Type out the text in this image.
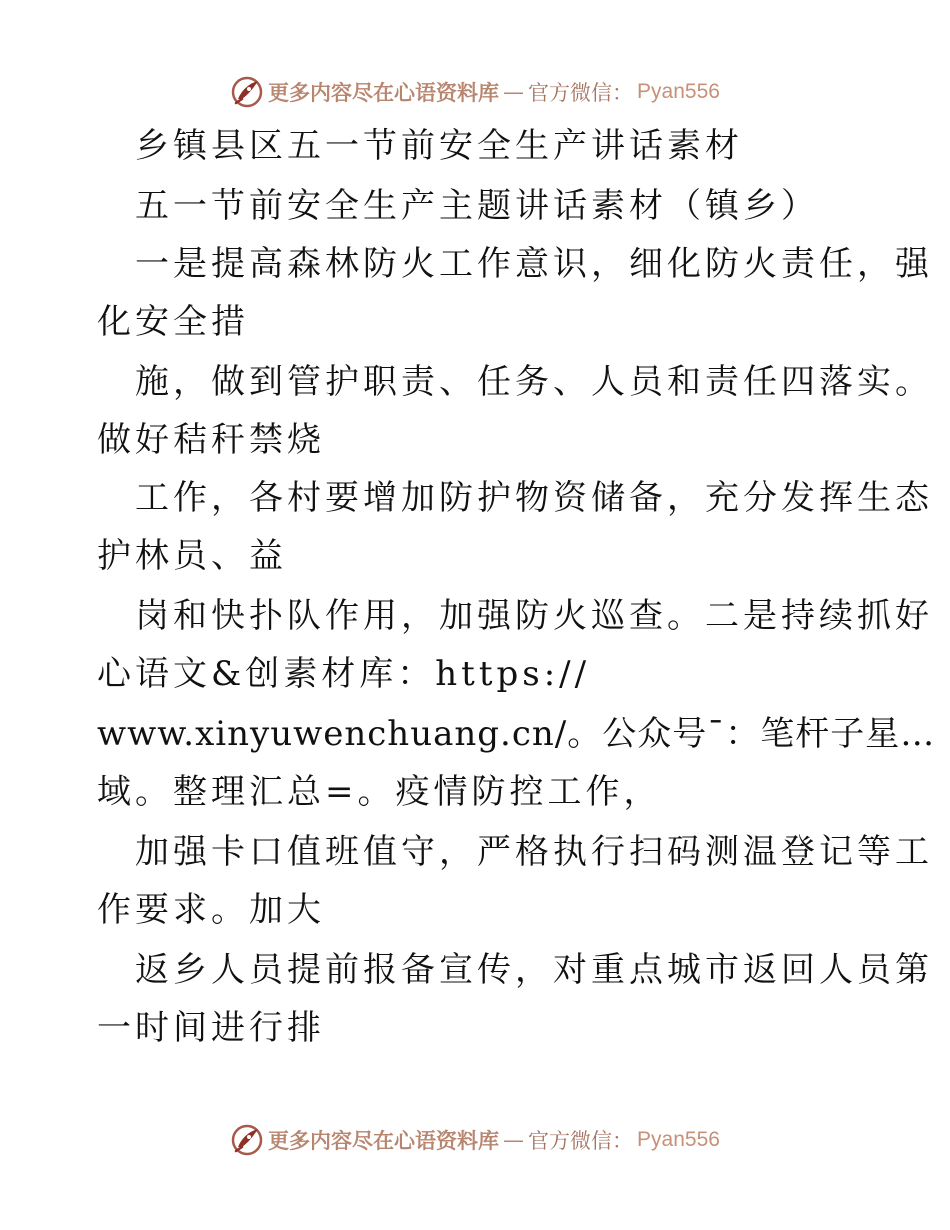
更多内容尽在心语资料库 — 官方微信： Pyan556
乡镇县区五一节前安全生产讲话素材
五一节前安全生产主题讲话素材（镇乡）
一是提高森林防火工作意识，细化防火责任，强
化安全措
施，做到管护职责、任务、人员和责任四落实。
做好秸秆禁烧
工作，各村要增加防护物资储备，充分发挥生态
护林员、益
岗和快扑队作用，加强防火巡查。二是持续抓好
心语文&创素材库：https://
www.xinyuwenchuang.cn/。公众号¯：笔杆子星…
域。整理汇总=。疫情防控工作，
加强卡口值班值守，严格执行扫码测温登记等工
作要求。加大
返乡人员提前报备宣传，对重点城市返回人员第
一时间进行排
更多内容尽在心语资料库 — 官方微信： Pyan556
